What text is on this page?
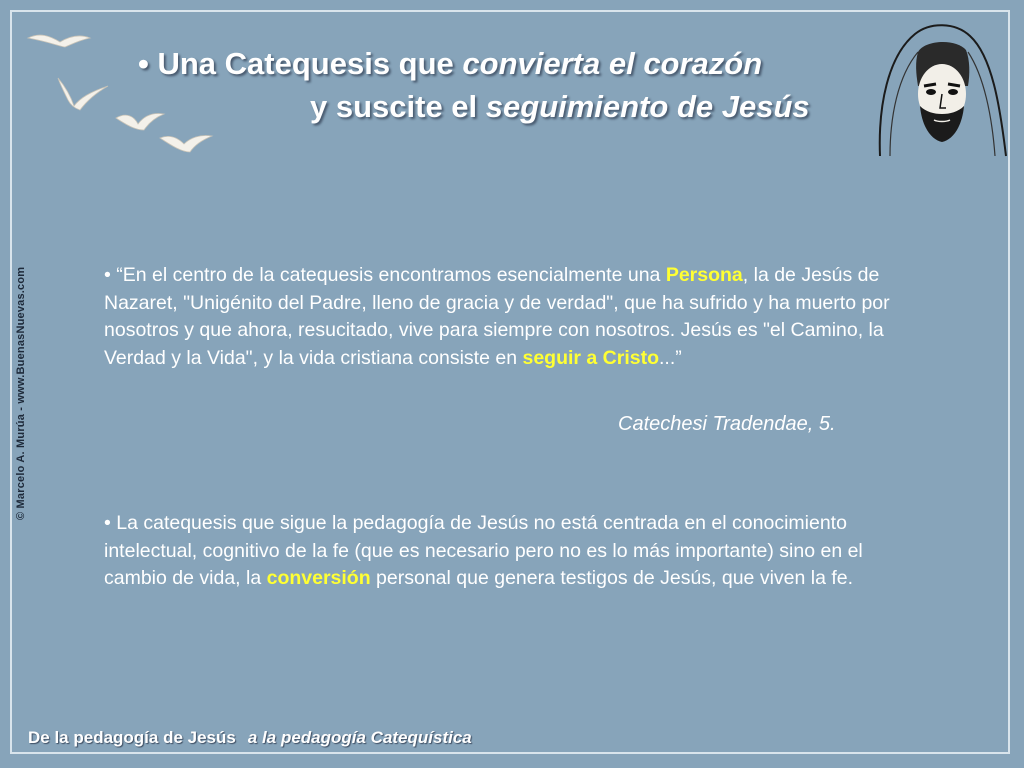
• Una Catequesis que convierta el corazón
y suscite el seguimiento de Jesús
© Marcelo A. Murúa - www.BuenasNuevas.com	• “En el centro de la catequesis encontramos esencialmente una Persona, la de Jesús de Nazaret, "Unigénito del Padre, lleno de gracia y de verdad", que ha sufrido y ha muerto por nosotros y que ahora, resucitado, vive para siempre con nosotros. Jesús es "el Camino, la Verdad y la Vida", y la vida cristiana consiste en seguir a Cristo...”
Catechesi Tradendae, 5.
• La catequesis que sigue la pedagogía de Jesús no está centrada en el conocimiento intelectual, cognitivo de la fe (que es necesario pero no es lo más importante) sino en el cambio de vida, la conversión personal que genera testigos de Jesús, que viven la fe.
De la pedagogía de Jesús a la pedagogía Catequística
